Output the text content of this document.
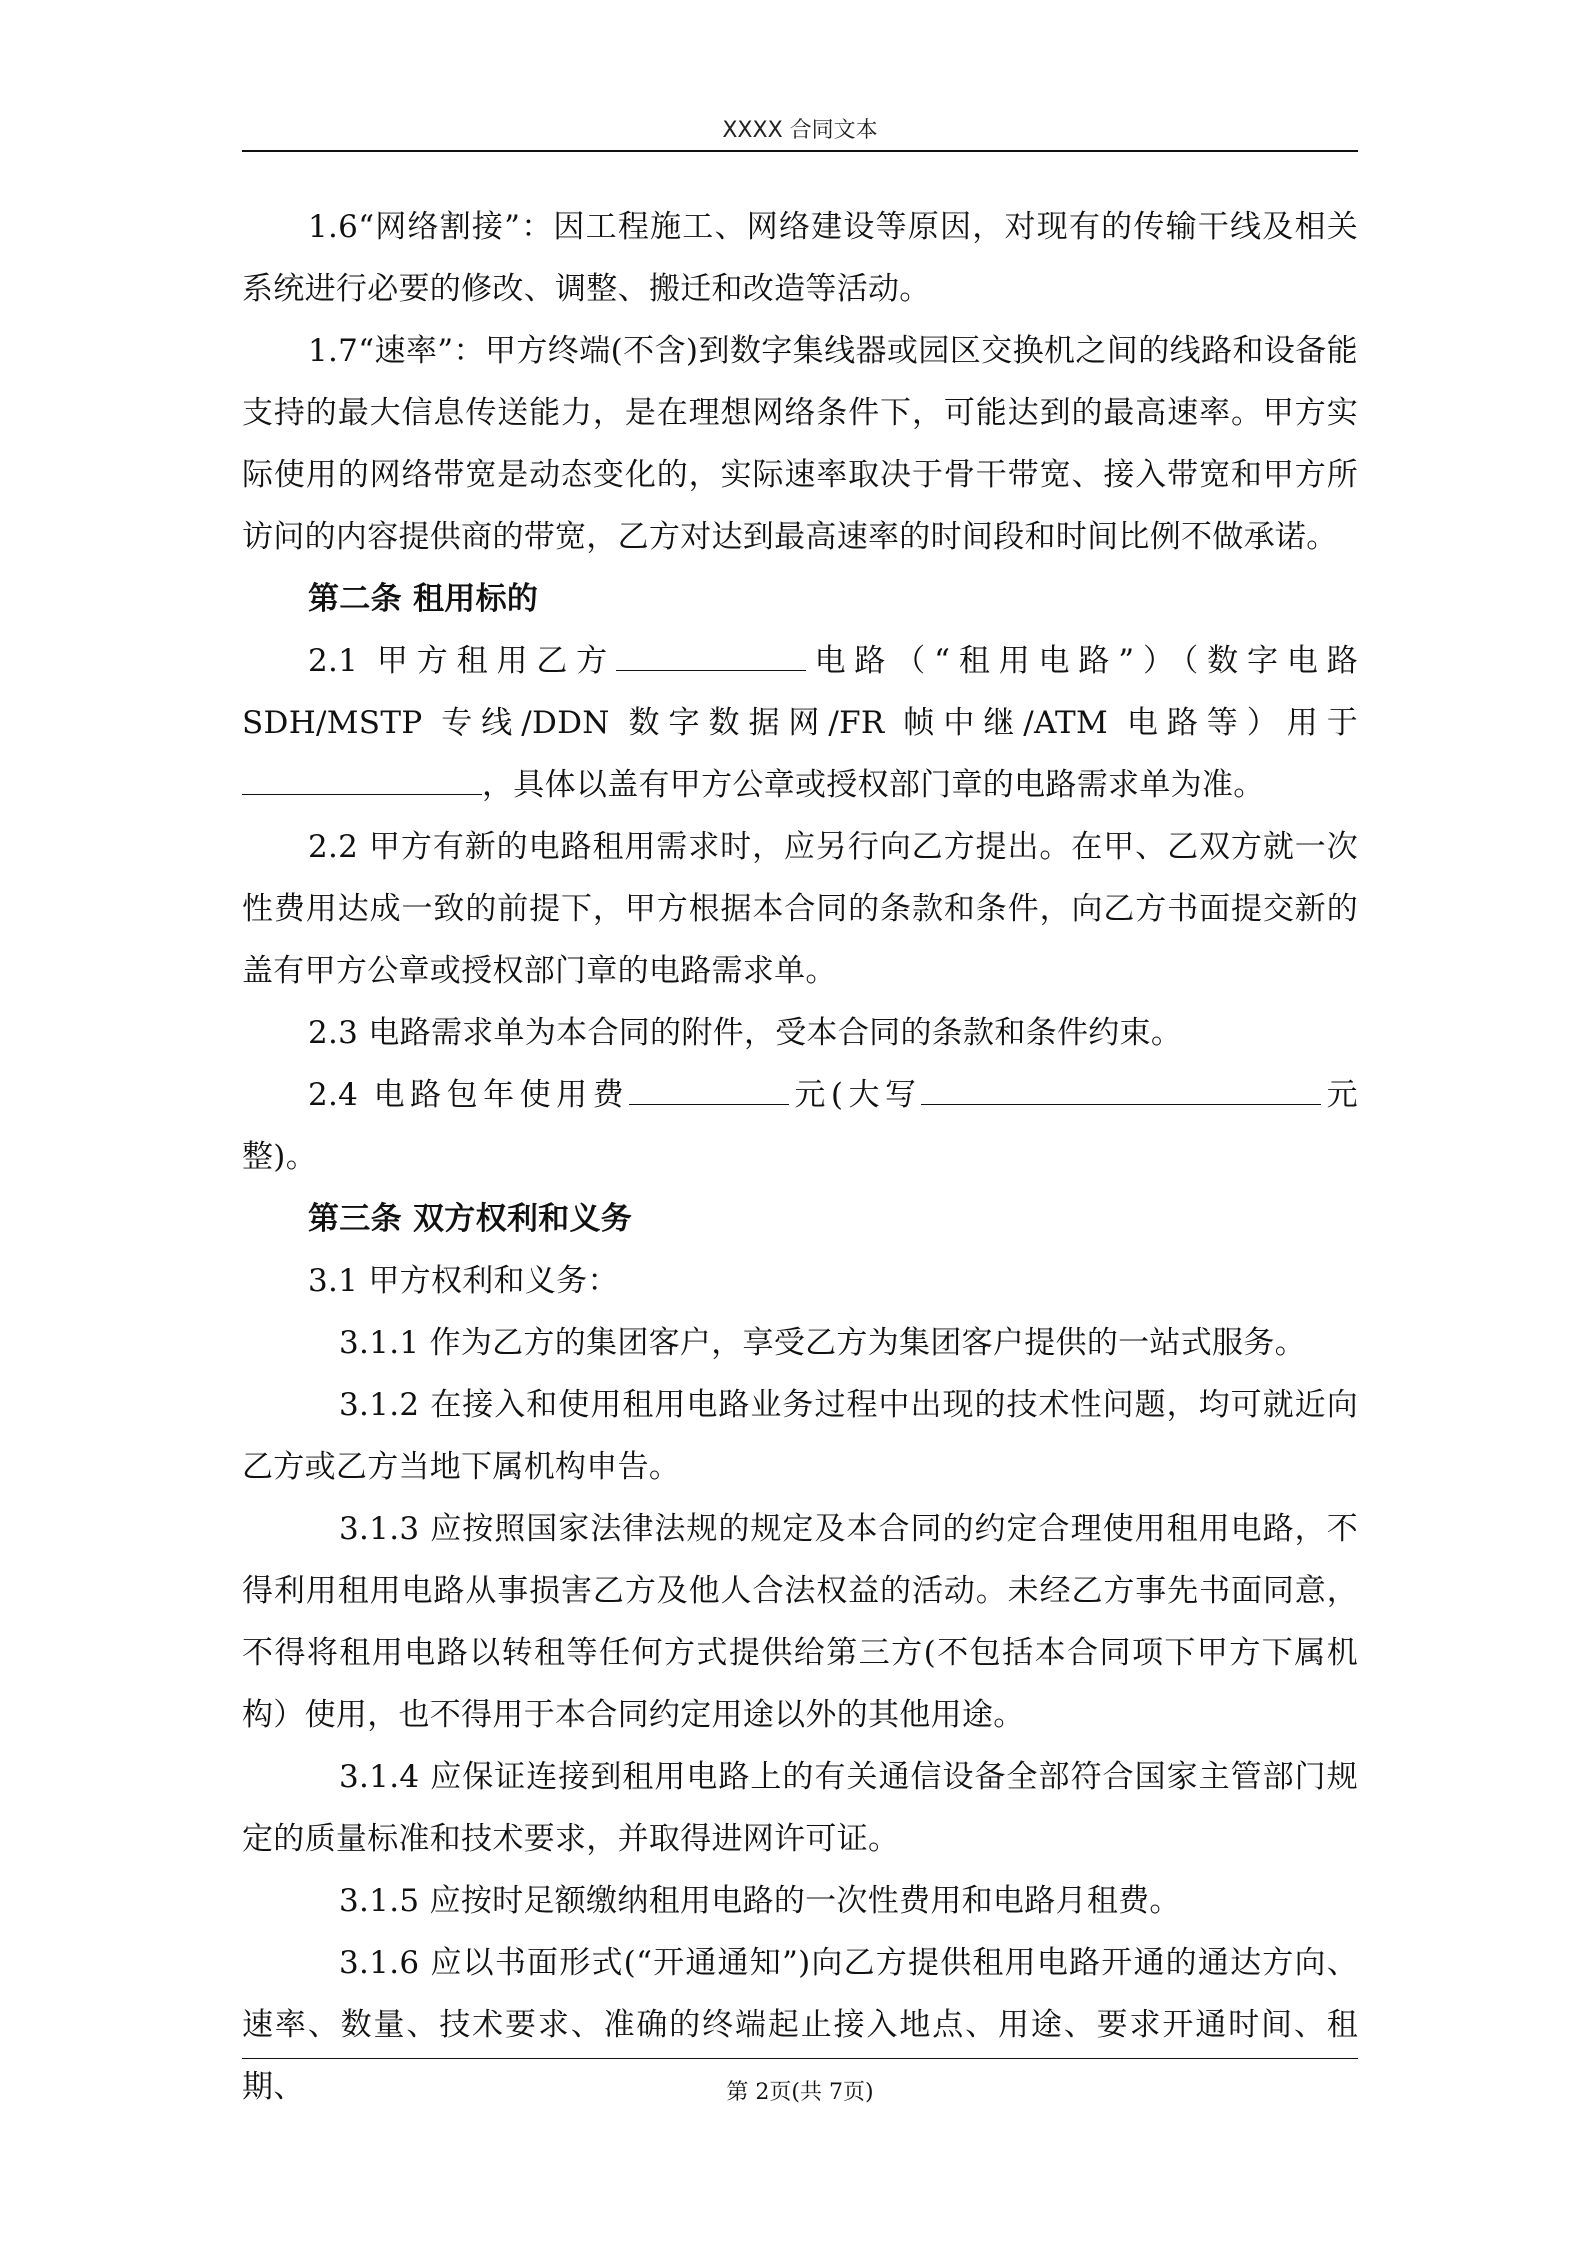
XXXX 合同文本

1.6“网络割接”：因工程施工、网络建设等原因，对现有的传输干线及相关系统进行必要的修改、调整、搬迁和改造等活动。

1.7“速率”：甲方终端(不含)到数字集线器或园区交换机之间的线路和设备能支持的最大信息传送能力，是在理想网络条件下，可能达到的最高速率。甲方实际使用的网络带宽是动态变化的，实际速率取决于骨干带宽、接入带宽和甲方所访问的内容提供商的带宽，乙方对达到最高速率的时间段和时间比例不做承诺。

第二条 租用标的

2.1 甲方租用乙方	电路（“租用电路”）（数字电路 SDH/MSTP 专线/DDN 数字数据网/FR 帧中继/ATM 电路等）用于，具体以盖有甲方公章或授权部门章的电路需求单为准。

2.2 甲方有新的电路租用需求时，应另行向乙方提出。在甲、乙双方就一次性费用达成一致的前提下，甲方根据本合同的条款和条件，向乙方书面提交新的盖有甲方公章或授权部门章的电路需求单。

2.3 电路需求单为本合同的附件，受本合同的条款和条件约束。

2.4 电路包年使用费	元(大写	元整)。

第三条 双方权利和义务

3.1 甲方权利和义务：

3.1.1 作为乙方的集团客户，享受乙方为集团客户提供的一站式服务。

3.1.2 在接入和使用租用电路业务过程中出现的技术性问题，均可就近向乙方或乙方当地下属机构申告。

3.1.3 应按照国家法律法规的规定及本合同的约定合理使用租用电路，不得利用租用电路从事损害乙方及他人合法权益的活动。未经乙方事先书面同意，不得将租用电路以转租等任何方式提供给第三方(不包括本合同项下甲方下属机构）使用，也不得用于本合同约定用途以外的其他用途。

3.1.4 应保证连接到租用电路上的有关通信设备全部符合国家主管部门规定的质量标准和技术要求，并取得进网许可证。

3.1.5 应按时足额缴纳租用电路的一次性费用和电路月租费。

3.1.6 应以书面形式(“开通通知”)向乙方提供租用电路开通的通达方向、速率、数量、技术要求、准确的终端起止接入地点、用途、要求开通时间、租期、	第 2页(共 7页)
